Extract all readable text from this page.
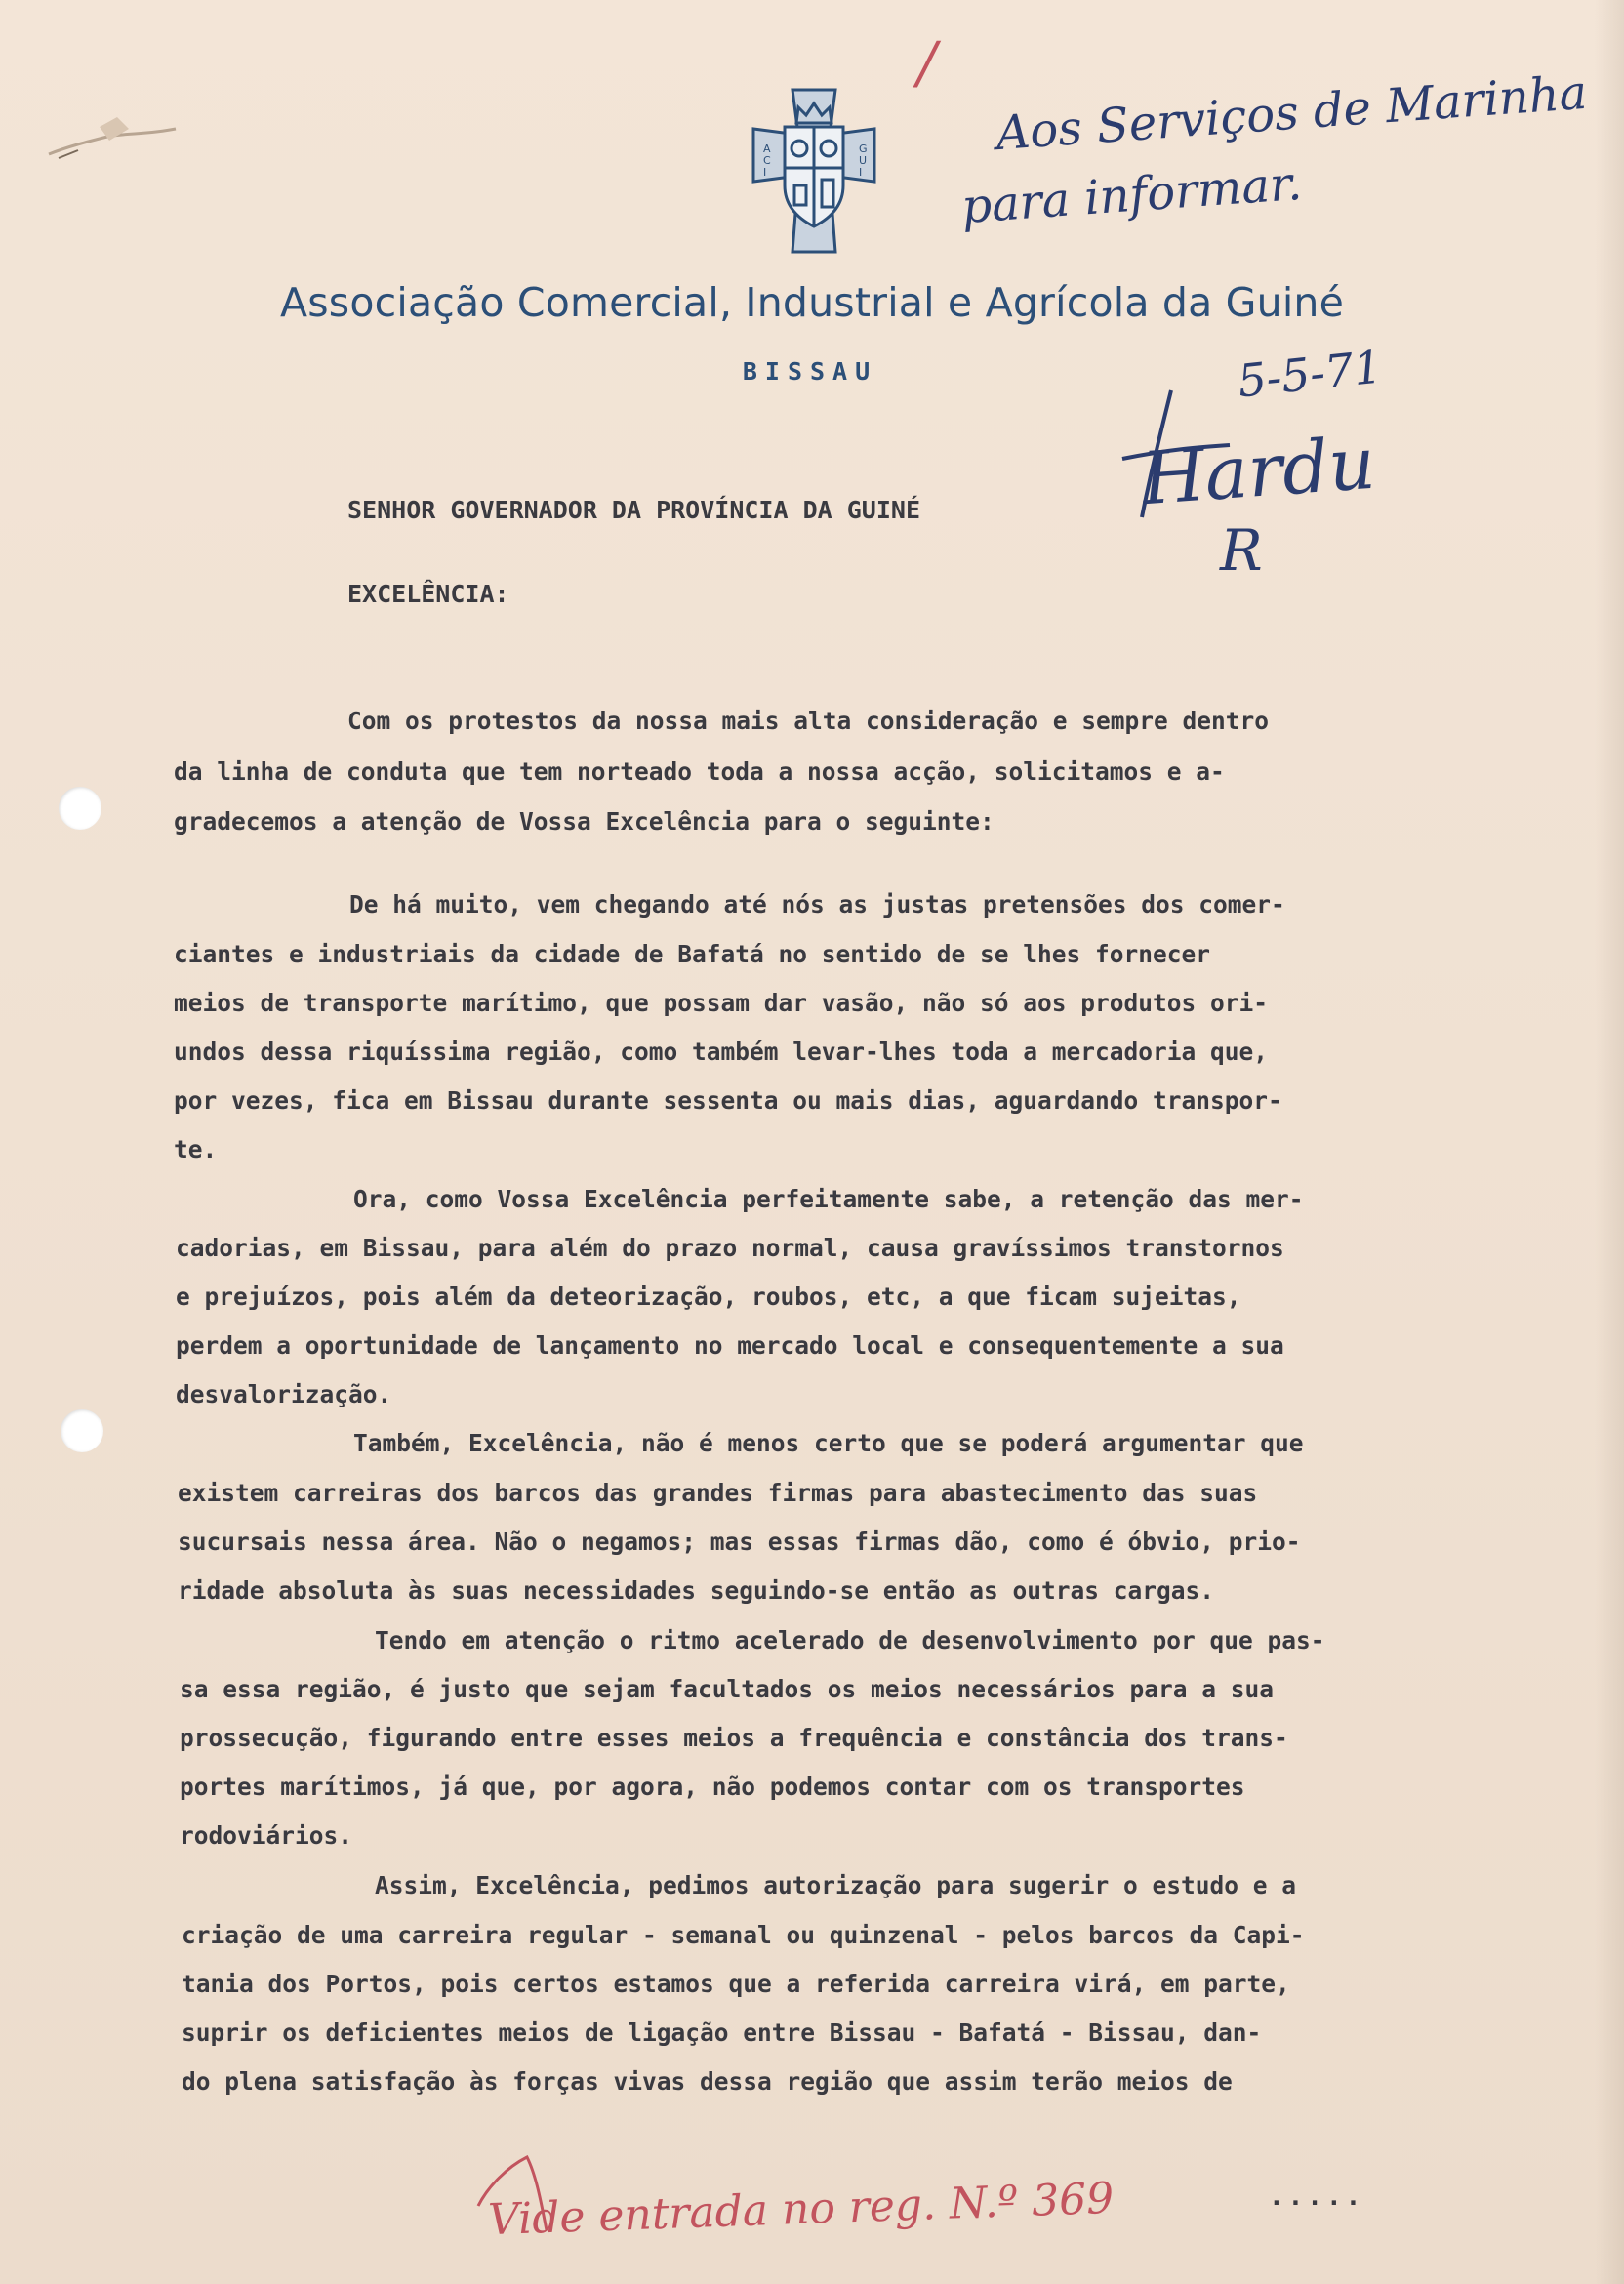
A
C
I
G
U
I
Associação Comercial, Industrial e Agrícola da Guiné
BISSAU
/
Aos Serviços de Marinha
para informar.
5-5-71
Hardu
R
SENHOR GOVERNADOR DA PROVÍNCIA DA GUINÉ
EXCELÊNCIA:

Com os protestos da nossa mais alta consideração e sempre dentro

da linha de conduta que tem norteado toda a nossa acção, solicitamos e a-

gradecemos a atenção de Vossa Excelência para o seguinte:

De há muito, vem chegando até nós as justas pretensões dos comer-

ciantes e industriais da cidade de Bafatá no sentido de se lhes fornecer

meios de transporte marítimo, que possam dar vasão, não só aos produtos ori-

undos dessa riquíssima região, como também levar-lhes toda a mercadoria que,

por vezes, fica em Bissau durante sessenta ou mais dias, aguardando transpor-

te.

Ora, como Vossa Excelência perfeitamente sabe, a retenção das mer-

cadorias, em Bissau, para além do prazo normal, causa gravíssimos transtornos

e prejuízos, pois além da deteorização, roubos, etc, a que ficam sujeitas,

perdem a oportunidade de lançamento no mercado local e consequentemente a sua

desvalorização.

Também, Excelência, não é menos certo que se poderá argumentar que

existem carreiras dos barcos das grandes firmas para abastecimento das suas

sucursais nessa área. Não o negamos; mas essas firmas dão, como é óbvio, prio-

ridade absoluta às suas necessidades seguindo-se então as outras cargas.

Tendo em atenção o ritmo acelerado de desenvolvimento por que pas-

sa essa região, é justo que sejam facultados os meios necessários para a sua

prossecução, figurando entre esses meios a frequência e constância dos trans-

portes marítimos, já que, por agora, não podemos contar com os transportes

rodoviários.

Assim, Excelência, pedimos autorização para sugerir o estudo e a

criação de uma carreira regular - semanal ou quinzenal - pelos barcos da Capi-

tania dos Portos, pois certos estamos que a referida carreira virá, em parte,

suprir os deficientes meios de ligação entre Bissau - Bafatá - Bissau, dan-

do plena satisfação às forças vivas dessa região que assim terão meios de

Vide entrada no reg. N.º 369	.....
